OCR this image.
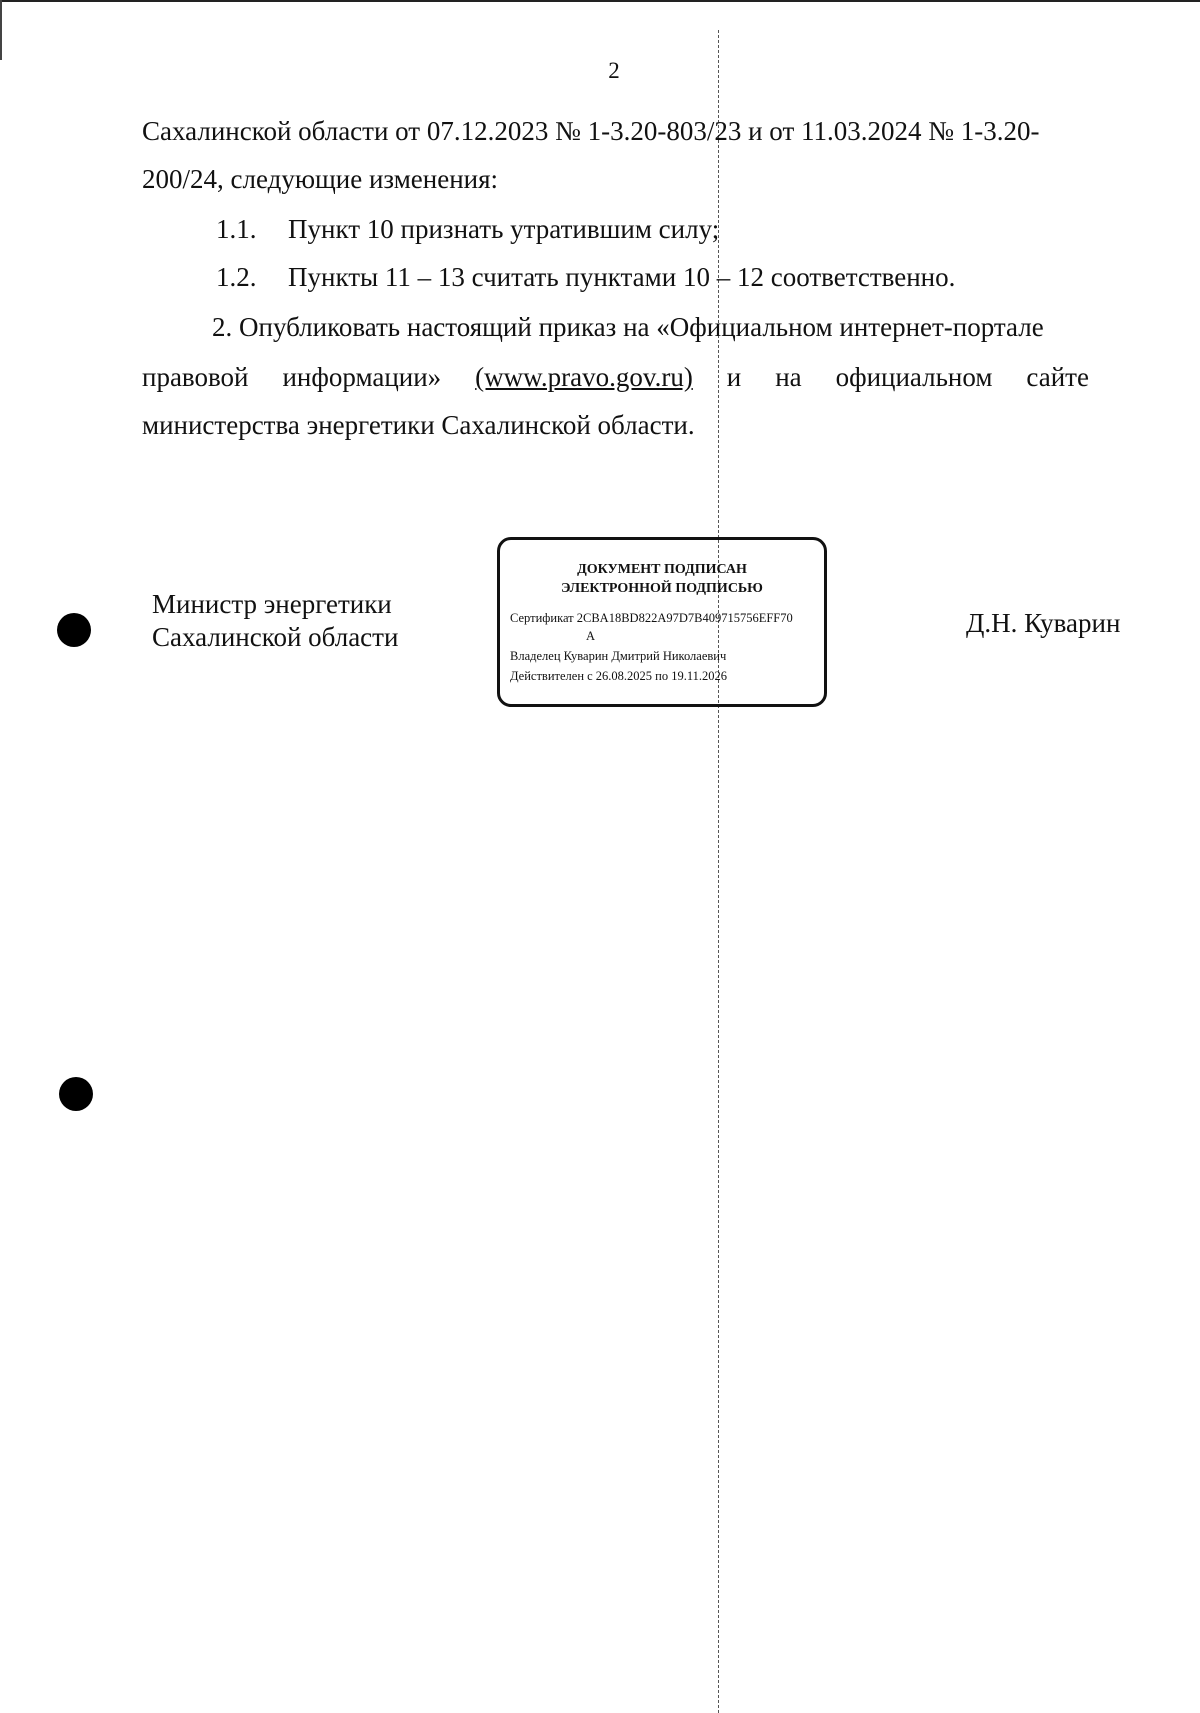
2
Сахалинской области от 07.12.2023 № 1-3.20-803/23 и от 11.03.2024 № 1-3.20-
200/24, следующие изменения:
1.1. Пункт 10 признать утратившим силу;
1.2. Пункты 11 – 13 считать пунктами 10 – 12 соответственно.
2. Опубликовать настоящий приказ на «Официальном интернет-портале
правовой информации» (www.pravo.gov.ru) и на официальном сайте
министерства энергетики Сахалинской области.
Министр энергетики
Сахалинской области
ДОКУМЕНТ ПОДПИСАН
ЭЛЕКТРОННОЙ ПОДПИСЬЮ
Сертификат 2CBA18BD822A97D7B409715756EFF70
A
Владелец Куварин Дмитрий Николаевич
Действителен с 26.08.2025 по 19.11.2026
Д.Н. Куварин
